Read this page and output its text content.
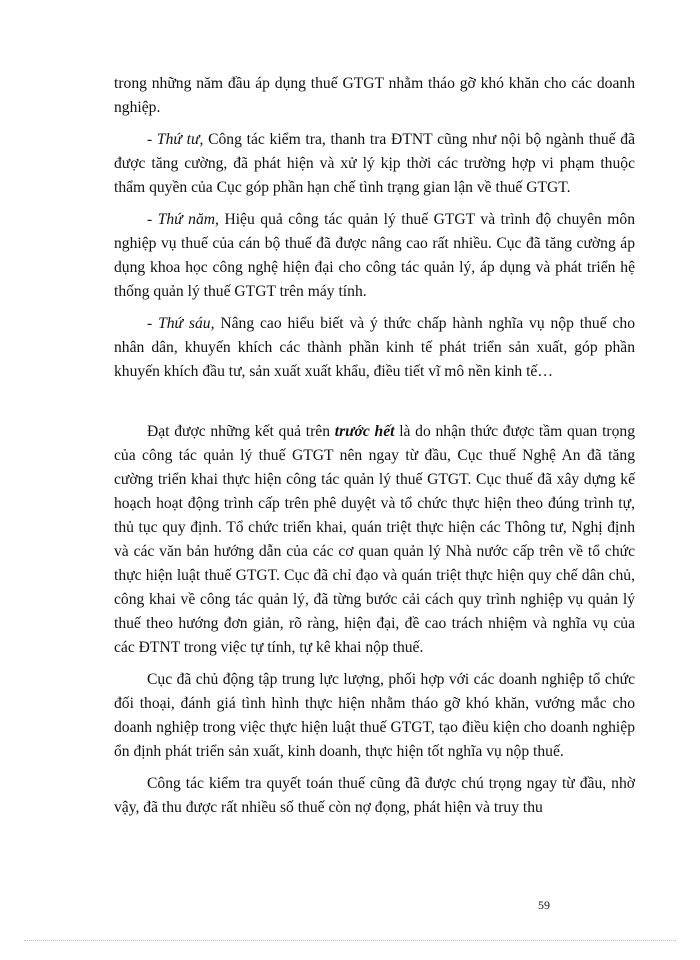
trong những năm đầu áp dụng thuế GTGT nhằm tháo gỡ khó khăn cho các doanh nghiệp.

- Thứ tư, Công tác kiểm tra, thanh tra ĐTNT cũng như nội bộ ngành thuế đã được tăng cường, đã phát hiện và xử lý kịp thời các trường hợp vi phạm thuộc thẩm quyền của Cục góp phần hạn chế tình trạng gian lận về thuế GTGT.

- Thứ năm, Hiệu quả công tác quản lý thuế GTGT và trình độ chuyên môn nghiệp vụ thuế của cán bộ thuế đã được nâng cao rất nhiều. Cục đã tăng cường áp dụng khoa học công nghệ hiện đại cho công tác quản lý, áp dụng và phát triển hệ thống quản lý thuế GTGT trên máy tính.

- Thứ sáu, Nâng cao hiểu biết và ý thức chấp hành nghĩa vụ nộp thuế cho nhân dân, khuyến khích các thành phần kinh tế phát triển sản xuất, góp phần khuyến khích đầu tư, sản xuất xuất khẩu, điều tiết vĩ mô nền kinh tế…

Đạt được những kết quả trên trước hết là do nhận thức được tầm quan trọng của công tác quản lý thuế GTGT nên ngay từ đầu, Cục thuế Nghệ An đã tăng cường triển khai thực hiện công tác quản lý thuế GTGT. Cục thuế đã xây dựng kế hoạch hoạt động trình cấp trên phê duyệt và tổ chức thực hiện theo đúng trình tự, thủ tục quy định. Tổ chức triển khai, quán triệt thực hiện các Thông tư, Nghị định và các văn bản hướng dẫn của các cơ quan quản lý Nhà nước cấp trên về tổ chức thực hiện luật thuế GTGT. Cục đã chỉ đạo và quán triệt thực hiện quy chế dân chủ, công khai về công tác quản lý, đã từng bước cải cách quy trình nghiệp vụ quản lý thuế theo hướng đơn giản, rõ ràng, hiện đại, đề cao trách nhiệm và nghĩa vụ của các ĐTNT trong việc tự tính, tự kê khai nộp thuế.

Cục đã chủ động tập trung lực lượng, phối hợp với các doanh nghiệp tổ chức đối thoại, đánh giá tình hình thực hiện nhằm tháo gỡ khó khăn, vướng mắc cho doanh nghiệp trong việc thực hiện luật thuế GTGT, tạo điều kiện cho doanh nghiệp ổn định phát triển sản xuất, kinh doanh, thực hiện tốt nghĩa vụ nộp thuế.

Công tác kiểm tra quyết toán thuế cũng đã được chú trọng ngay từ đầu, nhờ vậy, đã thu được rất nhiều số thuế còn nợ đọng, phát hiện và truy thu

59
